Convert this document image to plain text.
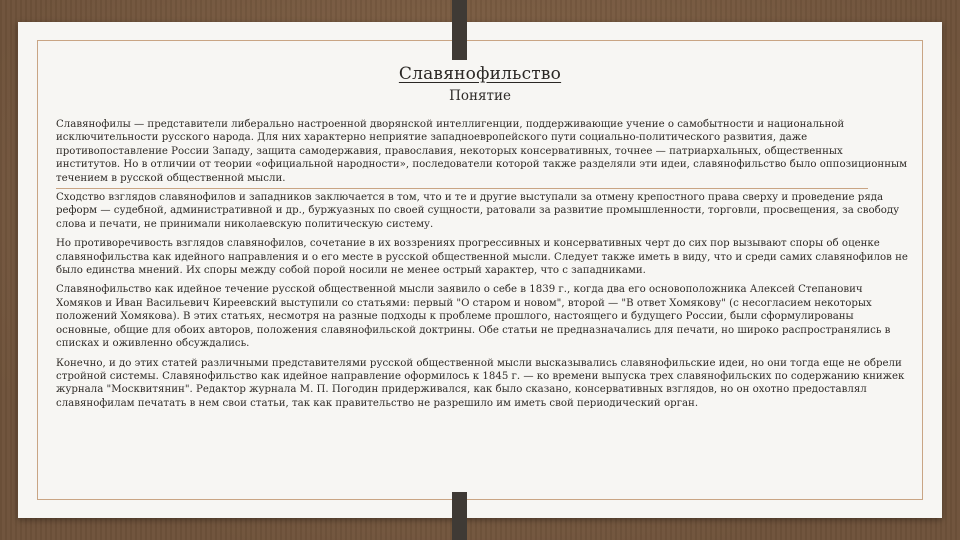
Славянофильство
Понятие

Славянофилы — представители либерально настроенной дворянской интеллигенции, поддерживающие учение о самобытности и национальной исключительности русского народа. Для них характерно неприятие западноевропейского пути социально-политического развития, даже противопоставление России Западу, защита самодержавия, православия, некоторых консервативных, точнее — патриархальных, общественных институтов. Но в отличии от теории «официальной народности», последователи которой также разделяли эти идеи, славянофильство было оппозиционным течением в русской общественной мысли.

Сходство взглядов славянофилов и западников заключается в том, что и те и другие выступали за отмену крепостного права сверху и проведение ряда реформ — судебной, административной и др., буржуазных по своей сущности, ратовали за развитие промышленности, торговли, просвещения, за свободу слова и печати, не принимали николаевскую политическую систему.

Но противоречивость взглядов славянофилов, сочетание в их воззрениях прогрессивных и консервативных черт до сих пор вызывают споры об оценке славянофильства как идейного направления и о его месте в русской общественной мысли. Следует также иметь в виду, что и среди самих славянофилов не было единства мнений. Их споры между собой порой носили не менее острый характер, что с западниками.

Славянофильство как идейное течение русской общественной мысли заявило о себе в 1839 г., когда два его основоположника Алексей Степанович Хомяков и Иван Васильевич Киреевский выступили со статьями: первый "О старом и новом", второй — "В ответ Хомякову" (с несогласием некоторых положений Хомякова). В этих статьях, несмотря на разные подходы к проблеме прошлого, настоящего и будущего России, были сформулированы основные, общие для обоих авторов, положения славянофильской доктрины. Обе статьи не предназначались для печати, но широко распространялись в списках и оживленно обсуждались.

Конечно, и до этих статей различными представителями русской общественной мысли высказывались славянофильские идеи, но они тогда еще не обрели стройной системы. Славянофильство как идейное направление оформилось к 1845 г. — ко времени выпуска трех славянофильских по содержанию книжек журнала "Москвитянин". Редактор журнала М. П. Погодин придерживался, как было сказано, консервативных взглядов, но он охотно предоставлял славянофилам печатать в нем свои статьи, так как правительство не разрешило им иметь свой периодический орган.
